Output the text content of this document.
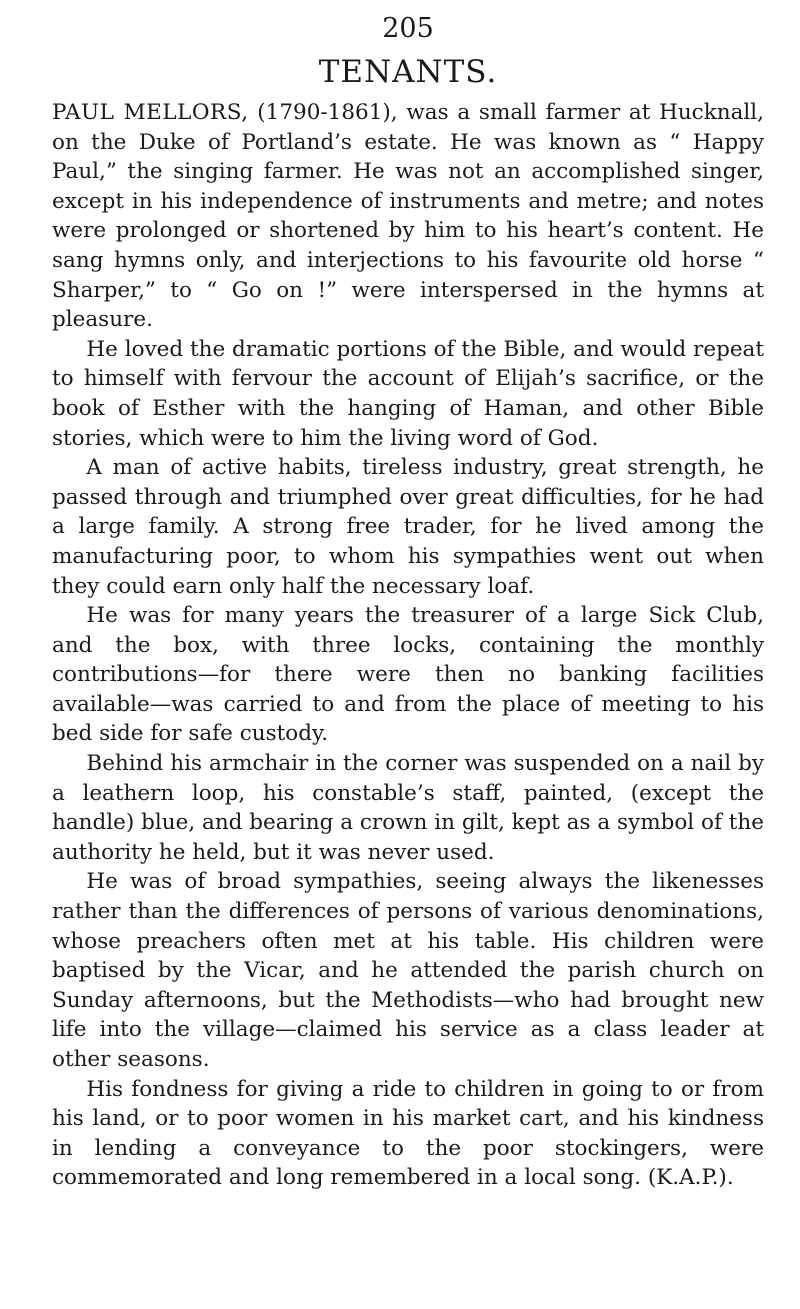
205

TENANTS.

PAUL MELLORS, (1790-1861), was a small farmer at Hucknall, on the Duke of Portland’s estate. He was known as “ Happy Paul,” the singing farmer. He was not an accomplished singer, except in his independence of instruments and metre; and notes were prolonged or shortened by him to his heart’s content. He sang hymns only, and interjections to his favourite old horse “ Sharper,” to “ Go on !” were interspersed in the hymns at pleasure.

He loved the dramatic portions of the Bible, and would repeat to himself with fervour the account of Elijah’s sacrifice, or the book of Esther with the hanging of Haman, and other Bible stories, which were to him the living word of God.

A man of active habits, tireless industry, great strength, he passed through and triumphed over great difficulties, for he had a large family. A strong free trader, for he lived among the manufacturing poor, to whom his sympathies went out when they could earn only half the necessary loaf.

He was for many years the treasurer of a large Sick Club, and the box, with three locks, containing the monthly contributions—for there were then no banking facilities available—was carried to and from the place of meeting to his bed side for safe custody.

Behind his armchair in the corner was suspended on a nail by a leathern loop, his constable’s staff, painted, (except the handle) blue, and bearing a crown in gilt, kept as a symbol of the authority he held, but it was never used.

He was of broad sympathies, seeing always the likenesses rather than the differences of persons of various denominations, whose preachers often met at his table. His children were baptised by the Vicar, and he attended the parish church on Sunday afternoons, but the Methodists—who had brought new life into the village—claimed his service as a class leader at other seasons.

His fondness for giving a ride to children in going to or from his land, or to poor women in his market cart, and his kindness in lending a conveyance to the poor stockingers, were commemorated and long remembered in a local song. (K.A.P.).
